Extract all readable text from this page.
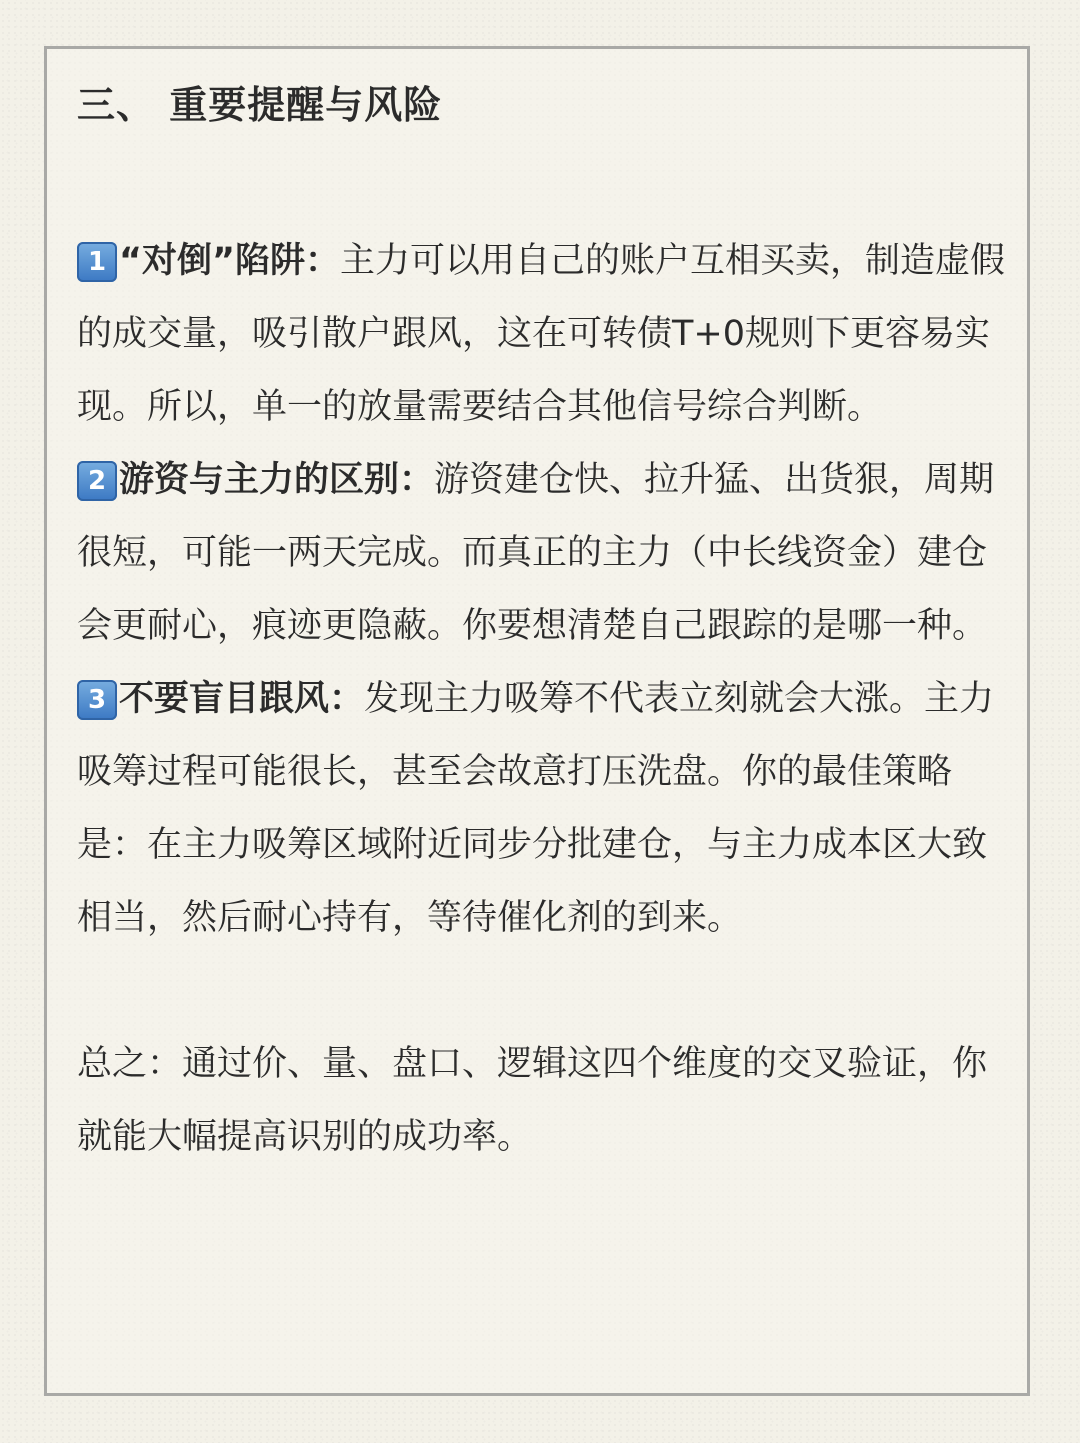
三、 重要提醒与风险

1 “对倒”陷阱：主力可以用自己的账户互相买卖，制造虚假的成交量，吸引散户跟风，这在可转债T+0规则下更容易实现。所以，单一的放量需要结合其他信号综合判断。

2 游资与主力的区别：游资建仓快、拉升猛、出货狠，周期很短，可能一两天完成。而真正的主力（中长线资金）建仓会更耐心，痕迹更隐蔽。你要想清楚自己跟踪的是哪一种。

3 不要盲目跟风：发现主力吸筹不代表立刻就会大涨。主力吸筹过程可能很长，甚至会故意打压洗盘。你的最佳策略是：在主力吸筹区域附近同步分批建仓，与主力成本区大致相当，然后耐心持有，等待催化剂的到来。

总之：通过价、量、盘口、逻辑这四个维度的交叉验证，你就能大幅提高识别的成功率。
